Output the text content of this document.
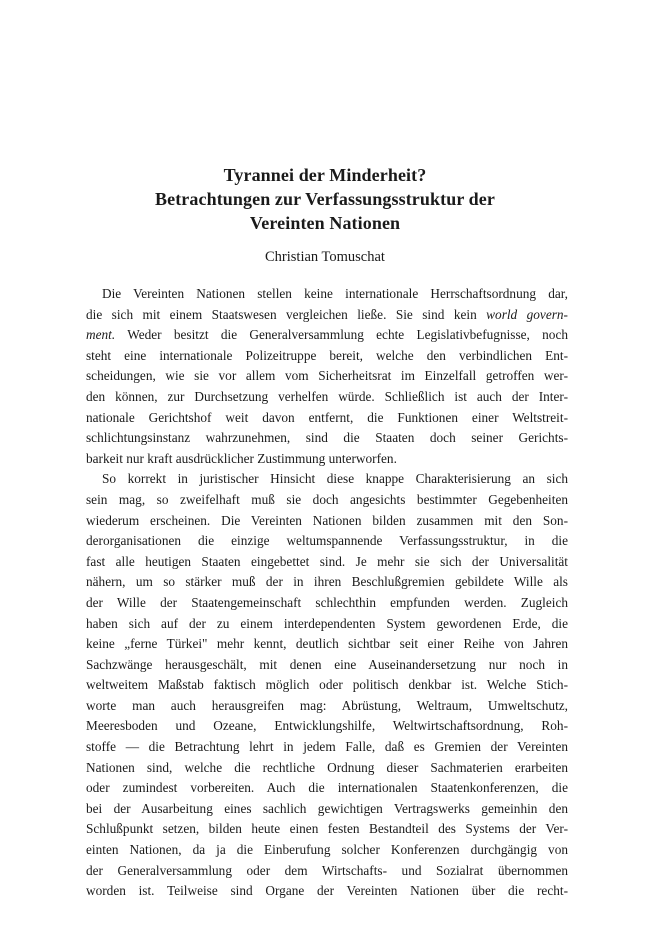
Tyrannei der Minderheit?
Betrachtungen zur Verfassungsstruktur der
Vereinten Nationen
Christian Tomuschat
Die Vereinten Nationen stellen keine internationale Herrschaftsordnung dar,
die sich mit einem Staatswesen vergleichen ließe. Sie sind kein world govern-
ment. Weder besitzt die Generalversammlung echte Legislativbefugnisse, noch
steht eine internationale Polizeitruppe bereit, welche den verbindlichen Ent-
scheidungen, wie sie vor allem vom Sicherheitsrat im Einzelfall getroffen wer-
den können, zur Durchsetzung verhelfen würde. Schließlich ist auch der Inter-
nationale Gerichtshof weit davon entfernt, die Funktionen einer Weltstreit-
schlichtungsinstanz wahrzunehmen, sind die Staaten doch seiner Gerichts-
barkeit nur kraft ausdrücklicher Zustimmung unterworfen.
So korrekt in juristischer Hinsicht diese knappe Charakterisierung an sich
sein mag, so zweifelhaft muß sie doch angesichts bestimmter Gegebenheiten
wiederum erscheinen. Die Vereinten Nationen bilden zusammen mit den Son-
derorganisationen die einzige weltumspannende Verfassungsstruktur, in die
fast alle heutigen Staaten eingebettet sind. Je mehr sie sich der Universalität
nähern, um so stärker muß der in ihren Beschlußgremien gebildete Wille als
der Wille der Staatengemeinschaft schlechthin empfunden werden. Zugleich
haben sich auf der zu einem interdependenten System gewordenen Erde, die
keine „ferne Türkei" mehr kennt, deutlich sichtbar seit einer Reihe von Jahren
Sachzwänge herausgeschält, mit denen eine Auseinandersetzung nur noch in
weltweitem Maßstab faktisch möglich oder politisch denkbar ist. Welche Stich-
worte man auch herausgreifen mag: Abrüstung, Weltraum, Umweltschutz,
Meeresboden und Ozeane, Entwicklungshilfe, Weltwirtschaftsordnung, Roh-
stoffe — die Betrachtung lehrt in jedem Falle, daß es Gremien der Vereinten
Nationen sind, welche die rechtliche Ordnung dieser Sachmaterien erarbeiten
oder zumindest vorbereiten. Auch die internationalen Staatenkonferenzen, die
bei der Ausarbeitung eines sachlich gewichtigen Vertragswerks gemeinhin den
Schlußpunkt setzen, bilden heute einen festen Bestandteil des Systems der Ver-
einten Nationen, da ja die Einberufung solcher Konferenzen durchgängig von
der Generalversammlung oder dem Wirtschafts- und Sozialrat übernommen
worden ist. Teilweise sind Organe der Vereinten Nationen über die recht-
